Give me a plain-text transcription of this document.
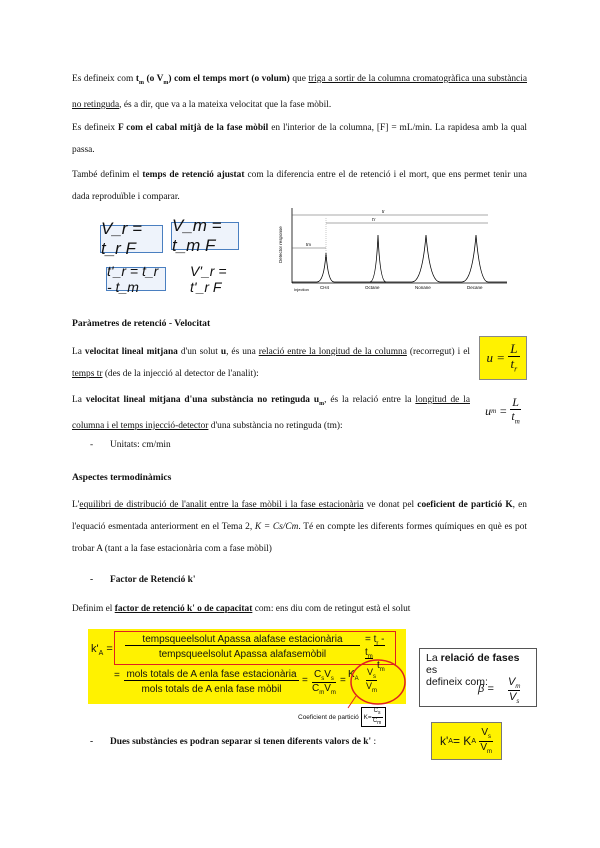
Es defineix com $t_m$ (o $V_m$) com el temps mort (o volum) que triga a sortir de la columna cromatogràfica una substància no retinguda, és a dir, que va a la mateixa velocitat que la fase mòbil.
Es defineix F com el cabal mitjà de la fase mòbil en l'interior de la columna, [F] = mL/min. La rapidesa amb la qual passa.
També definim el temps de retenció ajustat com la diferencia entre el de retenció i el mort, que ens permet tenir una dada reproduïble i comparar.
V_r = t_r F
V_m = t_m F
t'_r = t_r - t_m
V'_r = t'_r F
Detector response
Injection
tr
t'r
tm
CH4	Octane	Nonane	Decane
Paràmetres de retenció - Velocitat
La velocitat lineal mitjana d'un solut u, és una relació entre la longitud de la columna (recorregut) i el temps tr (des de la injecció al detector de l'analit):
u =
$\frac{L}{t_r}$
La velocitat lineal mitjana d'una substància no retinguda $u_m$, és la relació entre la longitud de la columna i el temps injecció-detector d'una substància no retinguda (tm):
u $m = \frac{L}{t_m}$
- Unitats: cm/min
Aspectes termodinàmics
L'equilibri de distribució de l'analit entre la fase mòbil i la fase estacionària ve donat pel coeficient de partició K, en l'equació esmentada anteriorment en el Tema 2, K = Cs/Cm. Té en compte les diferents formes químiques en què es pot trobar A (tant a la fase estacionària com a fase mòbil)
- Factor de Retenció k'
Definim el factor de retenció k' o de capacitat com: ens diu com de retingut està el solut
$k'_A$ =
tempsqueelsolut Apassa alafase estacionària
tempsqueelsolut Apassa alafasemòbil
= $t_r - t_m$
$t_m$
= mols totals de A enla fase estacionària
mols totals de A enla fase mòbil
=
$C_sV_s$
$C_mV_m$
=
$K_A$
$V_s$
$V_m$
Coeficient de partició $K= \frac{C_s}{C_m}$
La relació de fases es
defineix com:
β =
$V_m$
$V_s$
- Dues substàncies es podran separar si tenen diferents valors de k' :	k' A = K A
$\frac{V_s}{V_m}$
